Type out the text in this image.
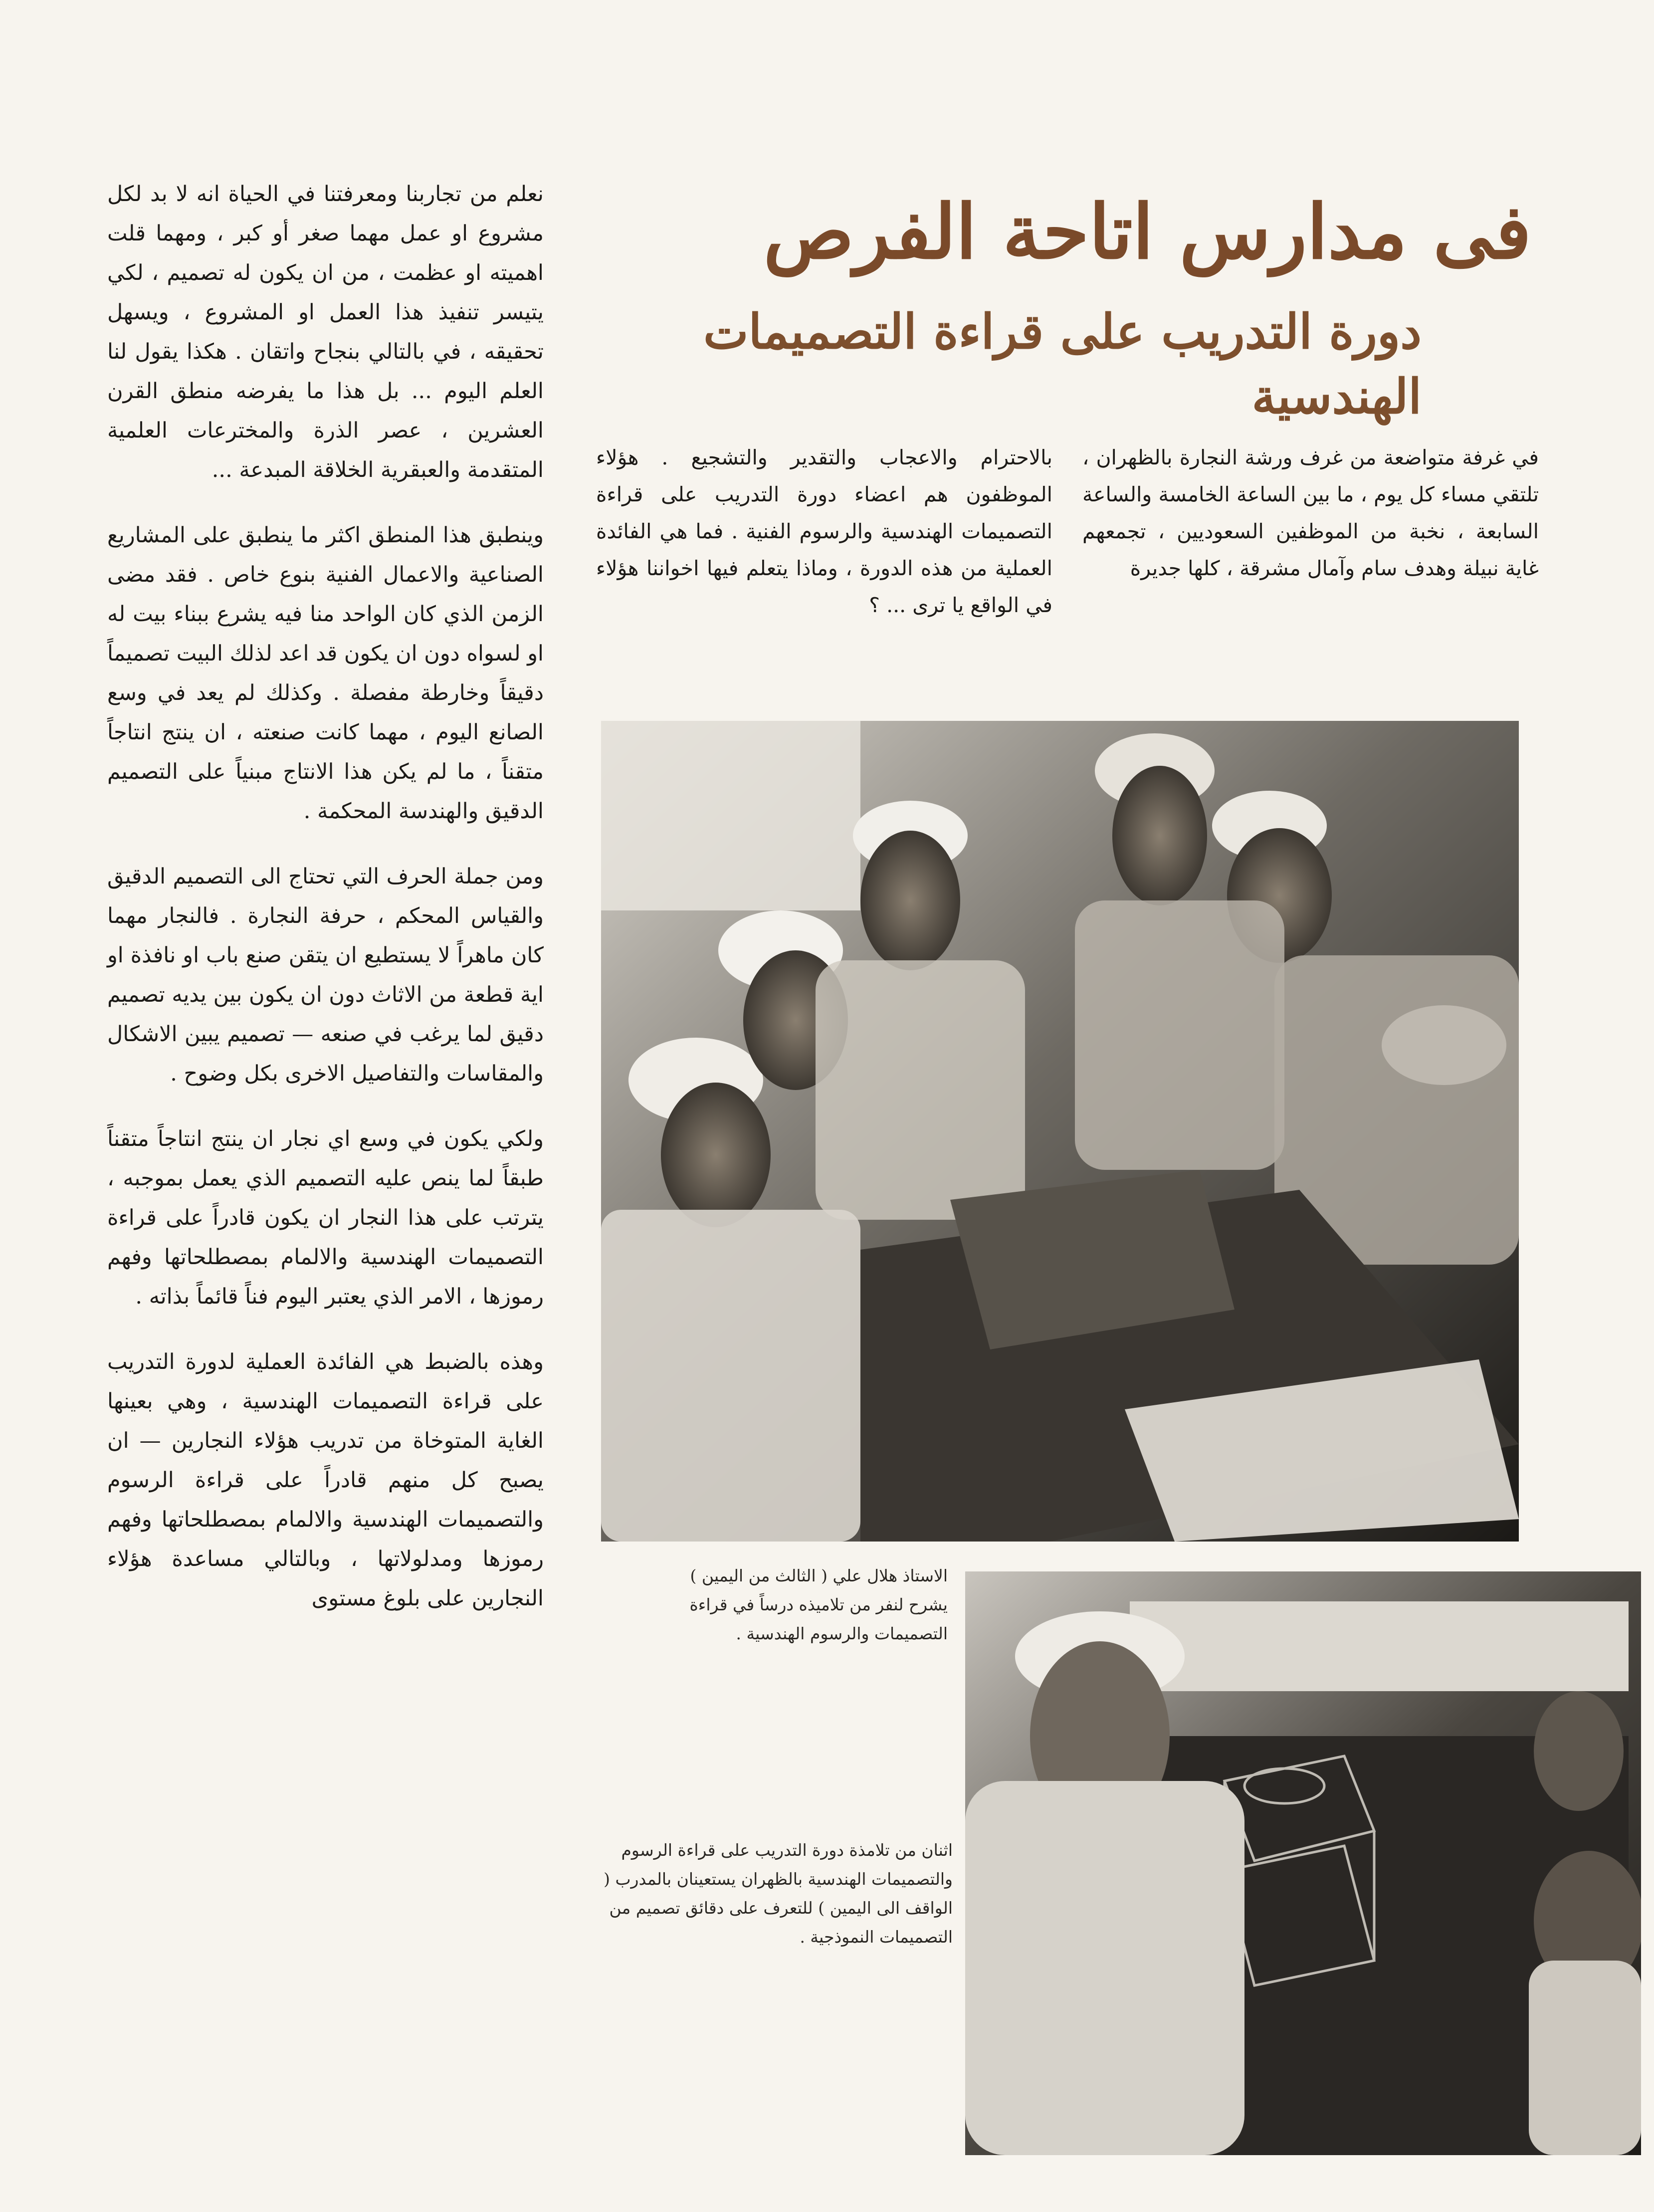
فى مدارس اتاحة الفرص
دورة التدريب على قراءة التصميمات الهندسية

في غرفة متواضعة من غرف ورشة النجارة بالظهران ، تلتقي مساء كل يوم ، ما بين الساعة الخامسة والساعة السابعة ، نخبة من الموظفين السعوديين ، تجمعهم غاية نبيلة وهدف سام وآمال مشرقة ، كلها جديرة

بالاحترام والاعجاب والتقدير والتشجيع . هؤلاء الموظفون هم اعضاء دورة التدريب على قراءة التصميمات الهندسية والرسوم الفنية . فما هي الفائدة العملية من هذه الدورة ، وماذا يتعلم فيها اخواننا هؤلاء في الواقع يا ترى ... ؟

نعلم من تجاربنا ومعرفتنا في الحياة انه لا بد لكل مشروع او عمل مهما صغر أو كبر ، ومهما قلت اهميته او عظمت ، من ان يكون له تصميم ، لكي يتيسر تنفيذ هذا العمل او المشروع ، ويسهل تحقيقه ، في بالتالي بنجاح واتقان . هكذا يقول لنا العلم اليوم ... بل هذا ما يفرضه منطق القرن العشرين ، عصر الذرة والمخترعات العلمية المتقدمة والعبقرية الخلاقة المبدعة ...

وينطبق هذا المنطق اكثر ما ينطبق على المشاريع الصناعية والاعمال الفنية بنوع خاص . فقد مضى الزمن الذي كان الواحد منا فيه يشرع ببناء بيت له او لسواه دون ان يكون قد اعد لذلك البيت تصميماً دقيقاً وخارطة مفصلة . وكذلك لم يعد في وسع الصانع اليوم ، مهما كانت صنعته ، ان ينتج انتاجاً متقناً ، ما لم يكن هذا الانتاج مبنياً على التصميم الدقيق والهندسة المحكمة .

ومن جملة الحرف التي تحتاج الى التصميم الدقيق والقياس المحكم ، حرفة النجارة . فالنجار مهما كان ماهراً لا يستطيع ان يتقن صنع باب او نافذة او اية قطعة من الاثاث دون ان يكون بين يديه تصميم دقيق لما يرغب في صنعه — تصميم يبين الاشكال والمقاسات والتفاصيل الاخرى بكل وضوح .

ولكي يكون في وسع اي نجار ان ينتج انتاجاً متقناً طبقاً لما ينص عليه التصميم الذي يعمل بموجبه ، يترتب على هذا النجار ان يكون قادراً على قراءة التصميمات الهندسية والالمام بمصطلحاتها وفهم رموزها ، الامر الذي يعتبر اليوم فناً قائماً بذاته .

وهذه بالضبط هي الفائدة العملية لدورة التدريب على قراءة التصميمات الهندسية ، وهي بعينها الغاية المتوخاة من تدريب هؤلاء النجارين — ان يصبح كل منهم قادراً على قراءة الرسوم والتصميمات الهندسية والالمام بمصطلحاتها وفهم رموزها ومدلولاتها ، وبالتالي مساعدة هؤلاء النجارين على بلوغ مستوى

الاستاذ هلال علي ( الثالث من اليمين ) يشرح لنفر من تلاميذه درساً في قراءة التصميمات والرسوم الهندسية .

اثنان من تلامذة دورة التدريب على قراءة الرسوم والتصميمات الهندسية بالظهران يستعينان بالمدرب ( الواقف الى اليمين ) للتعرف على دقائق تصميم من التصميمات النموذجية .
